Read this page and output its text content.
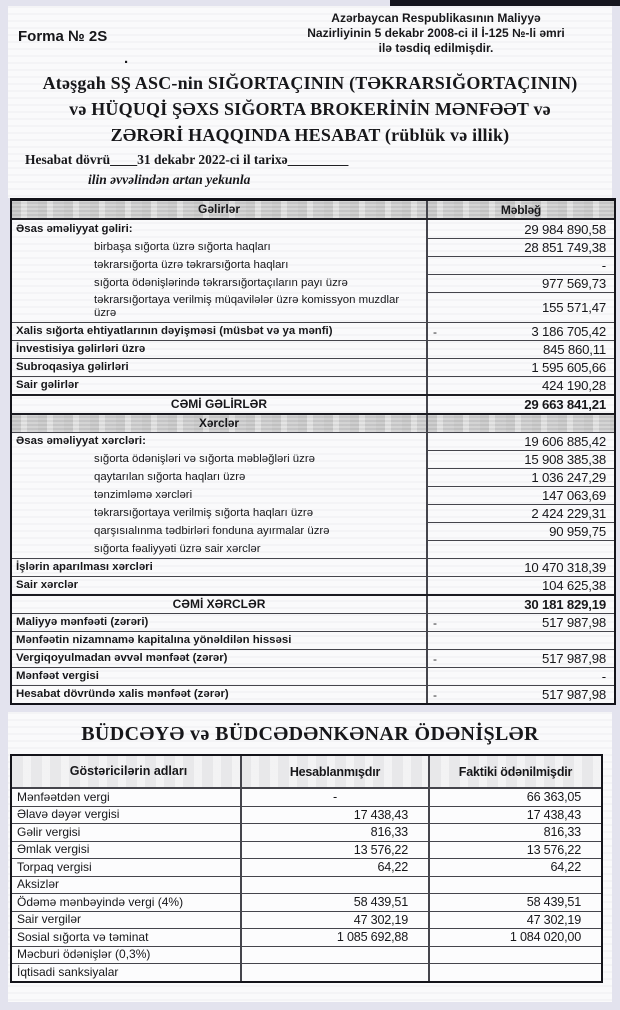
Forma № 2S
Azərbaycan Respublikasının Maliyyə
Nazirliyinin 5 dekabr 2008-ci il İ-125 №-li əmri
ilə təsdiq edilmişdir.
.
Atəşgah SŞ ASC-nin SIĞORTAÇININ (TƏKRARSIĞORTAÇININ)
və HÜQUQİ ŞƏXS SIĞORTA BROKERİNİN MƏNFƏƏT və
ZƏRƏRİ HAQQINDA HESABAT (rüblük və illik)
Hesabat dövrü____31 dekabr 2022-ci il tarixə_________
ilin əvvəlindən artan yekunla
Gəlirlər	Məbləğ
Əsas əməliyyat gəliri:	29 984 890,58
birbaşa sığorta üzrə sığorta haqları	28 851 749,38
təkrarsığorta üzrə təkrarsığorta haqları	-
sığorta ödənişlərində təkrarsığortaçıların payı üzrə	977 569,73
təkrarsığortaya verilmiş müqavilələr üzrə komissyon muzdlar üzrə	155 571,47
Xalis sığorta ehtiyatlarının dəyişməsi (müsbət və ya mənfi)	-	3 186 705,42
İnvestisiya gəlirləri üzrə	845 860,11
Subroqasiya gəlirləri	1 595 605,66
Sair gəlirlər	424 190,28
CƏMİ GƏLİRLƏR	29 663 841,21
Xərclər
Əsas əməliyyat xərcləri:	19 606 885,42
sığorta ödənişləri və sığorta məbləğləri üzrə	15 908 385,38
qaytarılan sığorta haqları üzrə	1 036 247,29
tənzimləmə xərcləri	147 063,69
təkrarsığortaya verilmiş sığorta haqları üzrə	2 424 229,31
qarşısıalınma tədbirləri fonduna ayırmalar üzrə	90 959,75
sığorta fəaliyyəti üzrə sair xərclər
İşlərin aparılması xərcləri	10 470 318,39
Sair xərclər	104 625,38
CƏMİ XƏRCLƏR	30 181 829,19
Maliyyə mənfəəti (zərəri)	-	517 987,98
Mənfəətin nizamnamə kapitalına yönəldilən hissəsi
Vergiqoyulmadan əvvəl mənfəət (zərər)	-	517 987,98
Mənfəət vergisi	-
Hesabat dövründə xalis mənfəət (zərər)	-	517 987,98
BÜDCƏYƏ və BÜDCƏDƏNKƏNAR ÖDƏNİŞLƏR
Göstəricilərin adları	Hesablanmışdır	Faktiki ödənilmişdir
Mənfəətdən vergi	-	66 363,05
Əlavə dəyər vergisi	17 438,43	17 438,43
Gəlir vergisi	816,33	816,33
Əmlak vergisi	13 576,22	13 576,22
Torpaq vergisi	64,22	64,22
Aksizlər
Ödəmə mənbəyində vergi (4%)	58 439,51	58 439,51
Sair vergilər	47 302,19	47 302,19
Sosial sığorta və təminat	1 085 692,88	1 084 020,00
Məcburi ödənişlər (0,3%)
İqtisadi sanksiyalar
